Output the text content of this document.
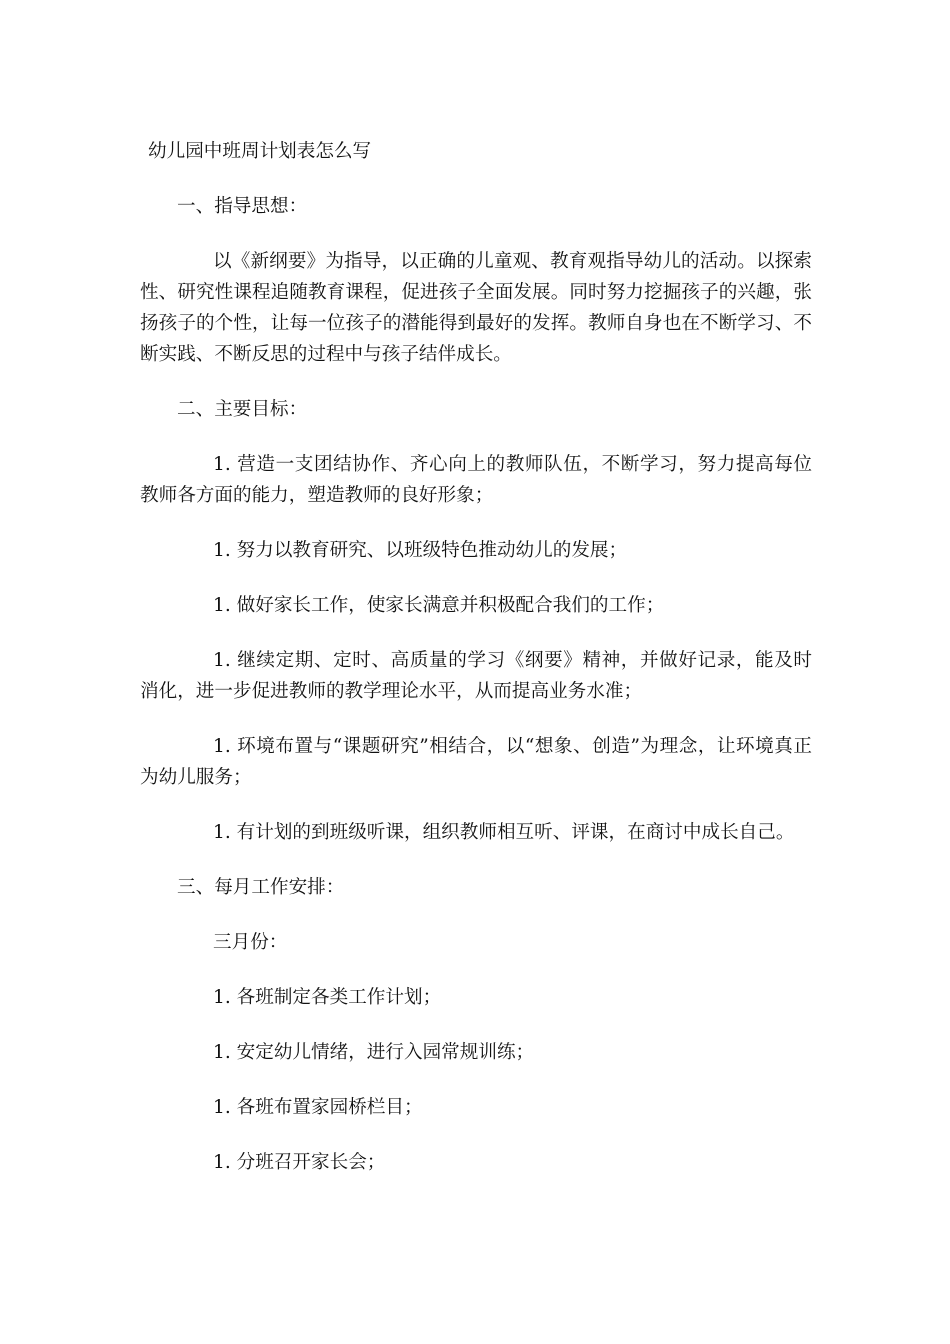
幼儿园中班周计划表怎么写

一、指导思想：

以《新纲要》为指导，以正确的儿童观、教育观指导幼儿的活动。以探索性、研究性课程追随教育课程，促进孩子全面发展。同时努力挖掘孩子的兴趣，张扬孩子的个性，让每一位孩子的潜能得到最好的发挥。教师自身也在不断学习、不断实践、不断反思的过程中与孩子结伴成长。

二、主要目标：

1. 营造一支团结协作、齐心向上的教师队伍，不断学习，努力提高每位教师各方面的能力，塑造教师的良好形象；

1. 努力以教育研究、以班级特色推动幼儿的发展；

1. 做好家长工作，使家长满意并积极配合我们的工作；

1. 继续定期、定时、高质量的学习《纲要》精神，并做好记录，能及时消化，进一步促进教师的教学理论水平，从而提高业务水准；

1. 环境布置与“课题研究”相结合，以“想象、创造”为理念，让环境真正为幼儿服务；

1. 有计划的到班级听课，组织教师相互听、评课，在商讨中成长自己。

三、每月工作安排：

三月份：

1. 各班制定各类工作计划；

1. 安定幼儿情绪，进行入园常规训练；

1. 各班布置家园桥栏目；

1. 分班召开家长会；
